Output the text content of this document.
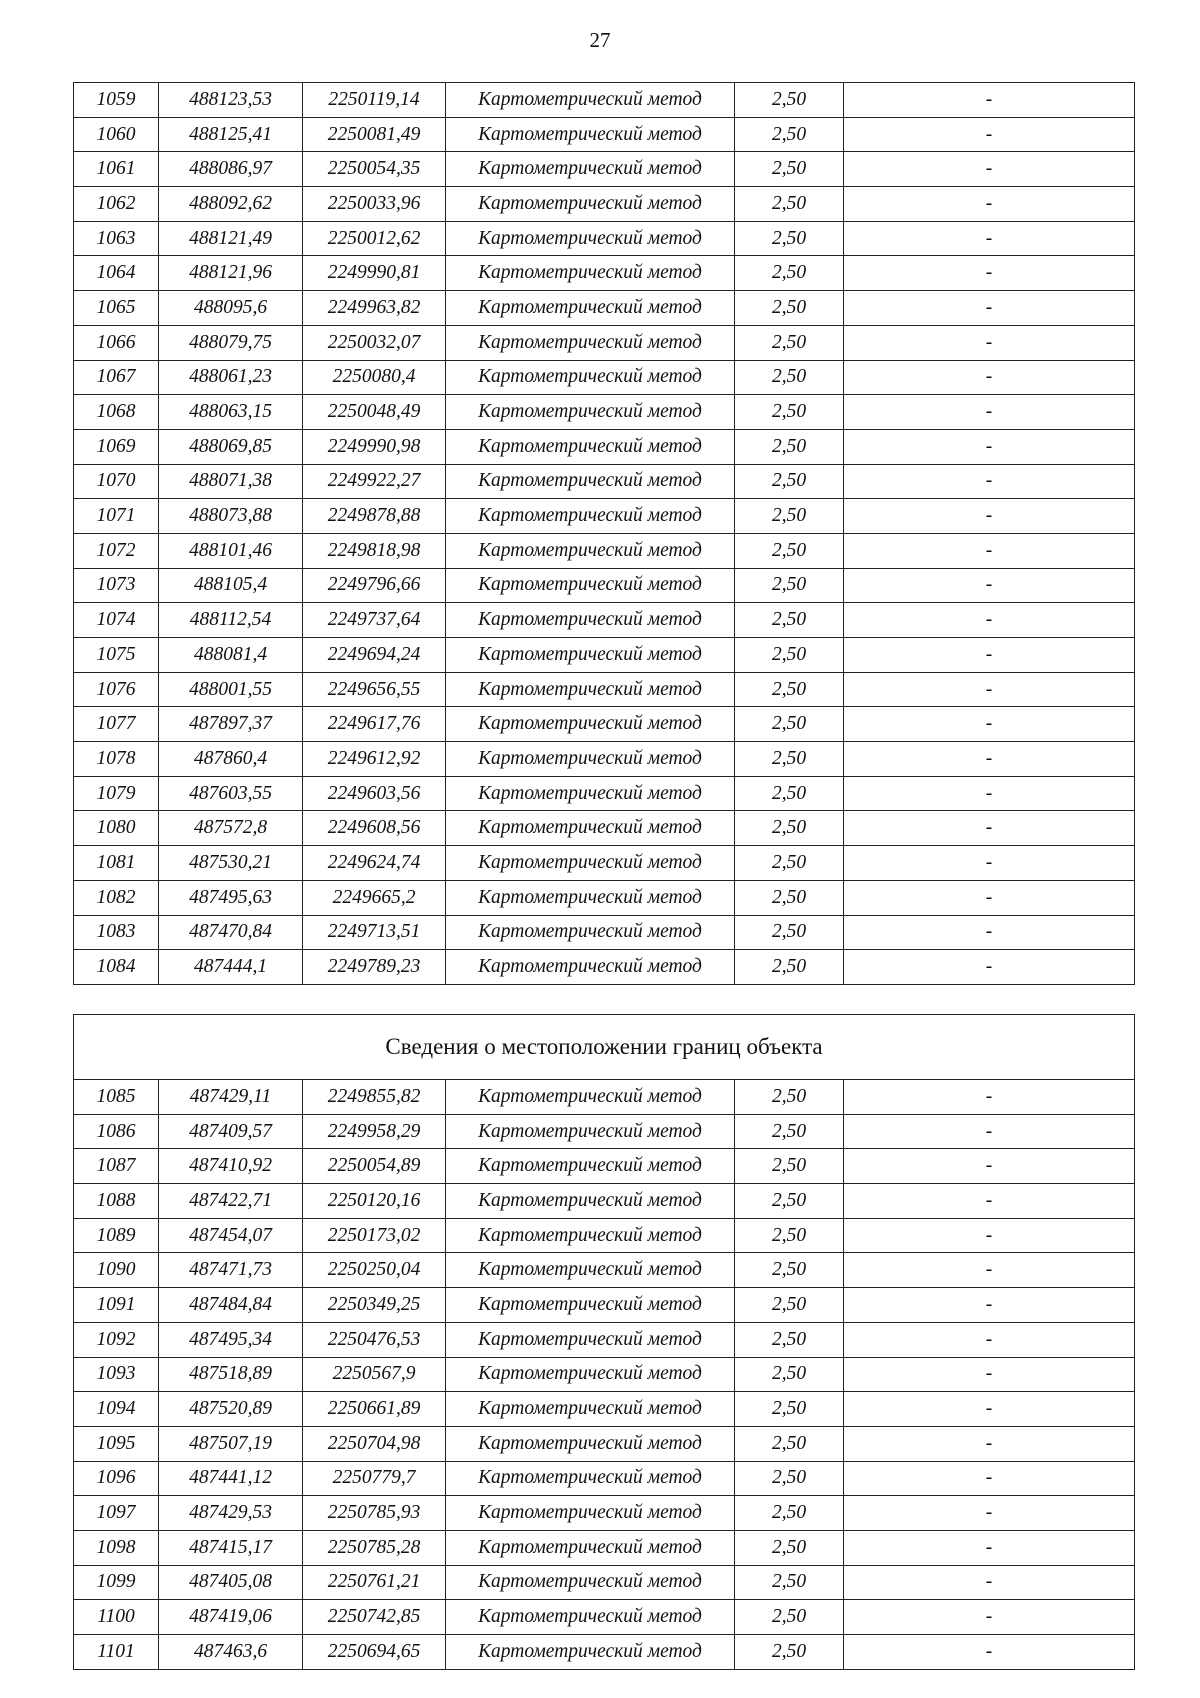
27
1059	488123,53	2250119,14	Картометрический метод	2,50	-
1060	488125,41	2250081,49	Картометрический метод	2,50	-
1061	488086,97	2250054,35	Картометрический метод	2,50	-
1062	488092,62	2250033,96	Картометрический метод	2,50	-
1063	488121,49	2250012,62	Картометрический метод	2,50	-
1064	488121,96	2249990,81	Картометрический метод	2,50	-
1065	488095,6	2249963,82	Картометрический метод	2,50	-
1066	488079,75	2250032,07	Картометрический метод	2,50	-
1067	488061,23	2250080,4	Картометрический метод	2,50	-
1068	488063,15	2250048,49	Картометрический метод	2,50	-
1069	488069,85	2249990,98	Картометрический метод	2,50	-
1070	488071,38	2249922,27	Картометрический метод	2,50	-
1071	488073,88	2249878,88	Картометрический метод	2,50	-
1072	488101,46	2249818,98	Картометрический метод	2,50	-
1073	488105,4	2249796,66	Картометрический метод	2,50	-
1074	488112,54	2249737,64	Картометрический метод	2,50	-
1075	488081,4	2249694,24	Картометрический метод	2,50	-
1076	488001,55	2249656,55	Картометрический метод	2,50	-
1077	487897,37	2249617,76	Картометрический метод	2,50	-
1078	487860,4	2249612,92	Картометрический метод	2,50	-
1079	487603,55	2249603,56	Картометрический метод	2,50	-
1080	487572,8	2249608,56	Картометрический метод	2,50	-
1081	487530,21	2249624,74	Картометрический метод	2,50	-
1082	487495,63	2249665,2	Картометрический метод	2,50	-
1083	487470,84	2249713,51	Картометрический метод	2,50	-
1084	487444,1	2249789,23	Картометрический метод	2,50	-
Сведения о местоположении границ объекта					
1085	487429,11	2249855,82	Картометрический метод	2,50	-
1086	487409,57	2249958,29	Картометрический метод	2,50	-
1087	487410,92	2250054,89	Картометрический метод	2,50	-
1088	487422,71	2250120,16	Картометрический метод	2,50	-
1089	487454,07	2250173,02	Картометрический метод	2,50	-
1090	487471,73	2250250,04	Картометрический метод	2,50	-
1091	487484,84	2250349,25	Картометрический метод	2,50	-
1092	487495,34	2250476,53	Картометрический метод	2,50	-
1093	487518,89	2250567,9	Картометрический метод	2,50	-
1094	487520,89	2250661,89	Картометрический метод	2,50	-
1095	487507,19	2250704,98	Картометрический метод	2,50	-
1096	487441,12	2250779,7	Картометрический метод	2,50	-
1097	487429,53	2250785,93	Картометрический метод	2,50	-
1098	487415,17	2250785,28	Картометрический метод	2,50	-
1099	487405,08	2250761,21	Картометрический метод	2,50	-
1100	487419,06	2250742,85	Картометрический метод	2,50	-
1101	487463,6	2250694,65	Картометрический метод	2,50	-
